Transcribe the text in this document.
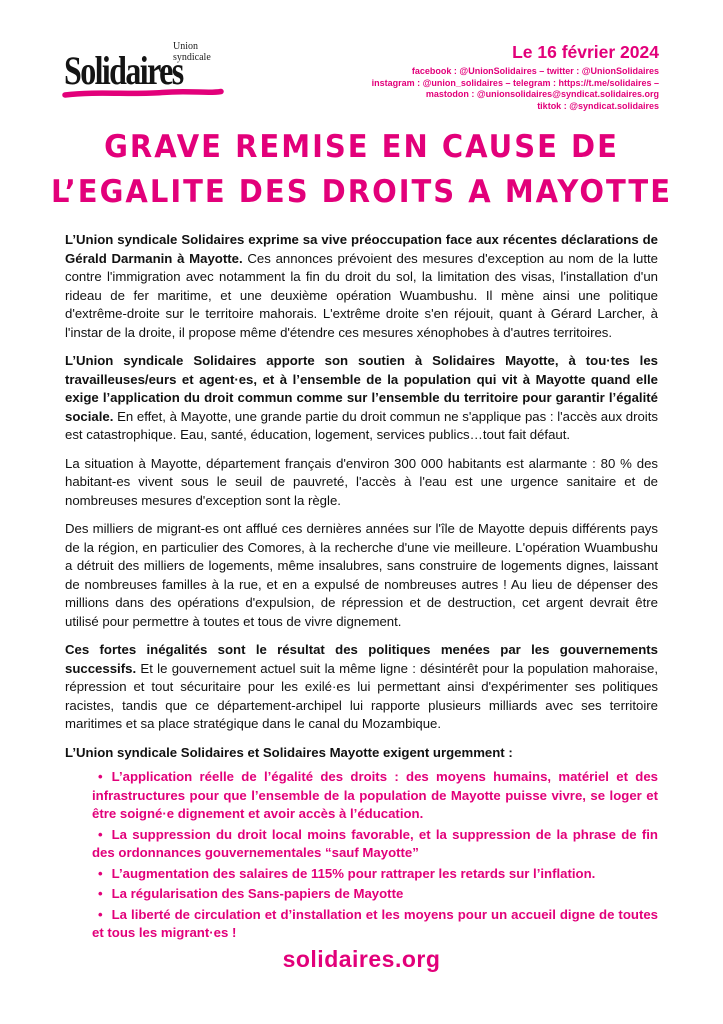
Union
syndicale
Solidaires	Le 16 février 2024
facebook : @UnionSolidaires – twitter : @UnionSolidaires
instagram : @union_solidaires – telegram : https://t.me/solidaires –
mastodon : @unionsolidaires@syndicat.solidaires.org
tiktok : @syndicat.solidaires
GRAVE REMISE EN CAUSE DE
L’EGALITE DES DROITS A MAYOTTE

L’Union syndicale Solidaires exprime sa vive préoccupation face aux récentes déclarations de Gérald Darmanin à Mayotte. Ces annonces prévoient des mesures d'exception au nom de la lutte contre l'immigration avec notamment la fin du droit du sol, la limitation des visas, l'installation d'un rideau de fer maritime, et une deuxième opération Wuambushu. Il mène ainsi une politique d'extrême-droite sur le territoire mahorais. L'extrême droite s'en réjouit, quant à Gérard Larcher, à l'instar de la droite, il propose même d'étendre ces mesures xénophobes à d'autres territoires.

L’Union syndicale Solidaires apporte son soutien à Solidaires Mayotte, à tou·tes les travailleuses/eurs et agent·es, et à l’ensemble de la population qui vit à Mayotte quand elle exige l’application du droit commun comme sur l’ensemble du territoire pour garantir l’égalité sociale. En effet, à Mayotte, une grande partie du droit commun ne s'applique pas : l'accès aux droits est catastrophique. Eau, santé, éducation, logement, services publics…tout fait défaut.

La situation à Mayotte, département français d'environ 300 000 habitants est alarmante : 80 % des habitant-es vivent sous le seuil de pauvreté, l'accès à l'eau est une urgence sanitaire et de nombreuses mesures d'exception sont la règle.

Des milliers de migrant-es ont afflué ces dernières années sur l'île de Mayotte depuis différents pays de la région, en particulier des Comores, à la recherche d'une vie meilleure. L'opération Wuambushu a détruit des milliers de logements, même insalubres, sans construire de logements dignes, laissant de nombreuses familles à la rue, et en a expulsé de nombreuses autres ! Au lieu de dépenser des millions dans des opérations d'expulsion, de répression et de destruction, cet argent devrait être utilisé pour permettre à toutes et tous de vivre dignement.

Ces fortes inégalités sont le résultat des politiques menées par les gouvernements successifs. Et le gouvernement actuel suit la même ligne : désintérêt pour la population mahoraise, répression et tout sécuritaire pour les exilé·es lui permettant ainsi d'expérimenter ses politiques racistes, tandis que ce département-archipel lui rapporte plusieurs milliards avec ses territoire maritimes et sa place stratégique dans le canal du Mozambique.

L’Union syndicale Solidaires et Solidaires Mayotte exigent urgemment :

• L’application réelle de l’égalité des droits : des moyens humains, matériel et des infrastructures pour que l’ensemble de la population de Mayotte puisse vivre, se loger et être soigné·e dignement et avoir accès à l’éducation.
• La suppression du droit local moins favorable, et la suppression de la phrase de fin des ordonnances gouvernementales “sauf Mayotte”
• L’augmentation des salaires de 115% pour rattraper les retards sur l’inflation.
• La régularisation des Sans-papiers de Mayotte
• La liberté de circulation et d’installation et les moyens pour un accueil digne de toutes et tous les migrant·es !
solidaires.org
